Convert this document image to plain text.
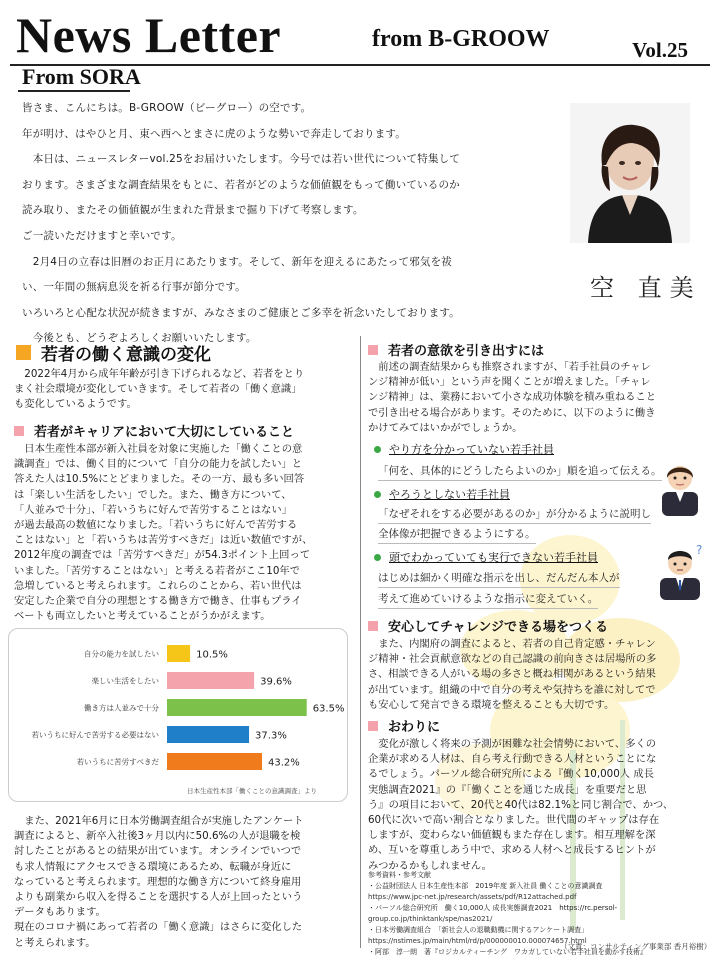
News Letter	from B-GROOW	Vol.25
From SORA

皆さま、こんにちは。B-GROOW（ビーグロー）の空です。

年が明け、はやひと月、東へ西へとまさに虎のような勢いで奔走しております。

　本日は、ニュースレターvol.25をお届けいたします。今号では若い世代について特集して

おります。さまざまな調査結果をもとに、若者がどのような価値観をもって働いているのか

読み取り、またその価値観が生まれた背景まで掘り下げて考察します。

ご一読いただけますと幸いです。

　2月4日の立春は旧暦のお正月にあたります。そして、新年を迎えるにあたって邪気を祓

い、一年間の無病息災を祈る行事が節分です。

いろいろと心配な状況が続きますが、みなさまのご健康とご多幸を祈念いたしております。

　今後とも、どうぞよろしくお願いいたします。

空 直美
若者の働く意識の変化
　2022年4月から成年年齢が引き下げられるなど、若者をとり
まく社会環境が変化していきます。そして若者の「働く意識」
も変化しているようです。
若者がキャリアにおいて大切にしていること
　日本生産性本部が新入社員を対象に実施した「働くことの意
識調査」では、働く目的について「自分の能力を試したい」と
答えた人は10.5%にとどまりました。その一方、最も多い回答
は「楽しい生活をしたい」でした。また、働き方について、
「人並みで十分」、「若いうちに好んで苦労することはない」
が過去最高の数値になりました。「若いうちに好んで苦労する
ことはない」と「若いうちは苦労すべきだ」は近い数値ですが、
2012年度の調査では「苦労すべきだ」が54.3ポイント上回って
いました。「苦労することはない」と考える若者がここ10年で
急増していると考えられます。これらのことから、若い世代は
安定した企業で自分の理想とする働き方で働き、仕事もプライ
ベートも両立したいと考えていることがうかがえます。
自分の能力を試したい	10.5%
楽しい生活をしたい	39.6%
働き方は人並みで十分	63.5%
若いうちに好んで苦労する必要はない	37.3%
若いうちに苦労すべきだ	43.2%
日本生産性本部「働くことの意識調査」より
　また、2021年6月に日本労働調査組合が実施したアンケート
調査によると、新卒入社後3ヶ月以内に50.6%の人が退職を検
討したことがあるとの結果が出ています。オンラインでいつで
も求人情報にアクセスできる環境にあるため、転職が身近に
なっていると考えられます。理想的な働き方について終身雇用
よりも副業から収入を得ることを選択する人が上回ったという
データもあります。
現在のコロナ禍にあって若者の「働く意識」はさらに変化した
と考えられます。
若者の意欲を引き出すには
　前述の調査結果からも推察されますが、「若手社員のチャレ
ンジ精神が低い」という声を聞くことが増えました。「チャレ
ンジ精神」は、業務において小さな成功体験を積み重ねること
で引き出せる場合があります。そのために、以下のように働き
かけてみてはいかがでしょうか。
やり方を分かっていない若手社員
「何を、具体的にどうしたらよいのか」順を追って伝える。
やろうとしない若手社員
「なぜそれをする必要があるのか」が分かるように説明し
全体像が把握できるようにする。
頭でわかっていても実行できない若手社員
はじめは細かく明確な指示を出し、だんだん本人が
考えて進めていけるような指示に変えていく。
?
安心してチャレンジできる場をつくる
　また、内閣府の調査によると、若者の自己肯定感・チャレン
ジ精神・社会貢献意欲などの自己認識の前向きさは居場所の多
さ、相談できる人がいる場の多さと概ね相関があるという結果
が出ています。組織の中で自分の考えや気持ちを誰に対してで
も安心して発言できる環境を整えることも大切です。
おわりに
　変化が激しく将来の予測が困難な社会情勢において、多くの
企業が求める人材は、自ら考え行動できる人材ということにな
るでしょう。パーソル総合研究所による『働く10,000人 成長
実態調査2021』の『「働くことを通じた成長」を重要だと思
う』の項目において、20代と40代は82.1%と同じ割合で、かつ、
60代に次いで高い割合となりました。世代間のギャップは存在
しますが、変わらない価値観もまた存在します。相互理解を深
め、互いを尊重しあう中で、求める人材へと成長するヒントが
みつかるかもしれません。
参考資料・参考文献
・公益財団法人 日本生産性本部　2019年度 新入社員 働くことの意識調査
https://www.jpc-net.jp/research/assets/pdf/R12attached.pdf
・パーソル総合研究所　働く10,000人 成長実態調査2021　https://rc.persol-
group.co.jp/thinktank/spe/nas2021/
・日本労働調査組合　「新社会人の退職動機に関するアンケート調査」
https://nstimes.jp/main/html/rd/p/000000010.000074657.html
・阿部　淳一朗　著『ロジカルティーチング　ワカガしていない若手社員を動かす技術』
（文責：コンサルティング事業部 香月裕樹）
